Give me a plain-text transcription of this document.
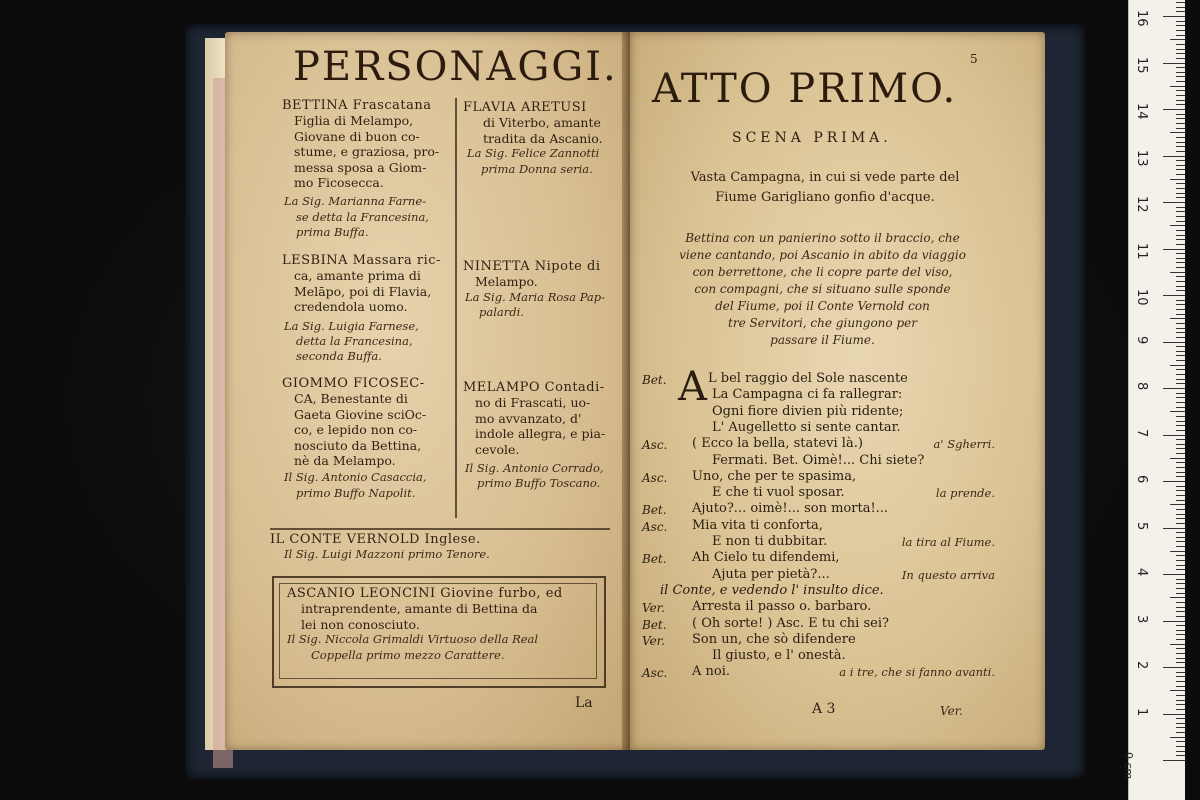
PERSONAGGI.
BETTINA Frascatana
Figlia di Melampo,
Giovane di buon co-
stume, e graziosa, pro-
messa sposa a Giom-
mo Ficosecca.
La Sig. Marianna Farne-
se detta la Francesina,
prima Buffa.
LESBINA Massara ric-
ca, amante prima di
Melāpo, poi di Flavia,
credendola uomo.
La Sig. Luigia Farnese,
detta la Francesina,
seconda Buffa.
GIOMMO FICOSEC-
CA, Benestante di
Gaeta Giovine sciOc-
co, e lepido non co-
nosciuto da Bettina,
nè da Melampo.
Il Sig. Antonio Casaccia,
primo Buffo Napolit.
FLAVIA ARETUSI
di Viterbo, amante
tradita da Ascanio.
La Sig. Felice Zannotti
prima Donna seria.
NINETTA Nipote di
Melampo.
La Sig. Maria Rosa Pap-
palardi.
MELAMPO Contadi-
no di Frascati, uo-
mo avvanzato, d'
indole allegra, e pia-
cevole.
Il Sig. Antonio Corrado,
primo Buffo Toscano.
IL CONTE VERNOLD Inglese.
Il Sig. Luigi Mazzoni primo Tenore.
ASCANIO LEONCINI Giovine furbo, ed
intraprendente, amante di Bettina da
lei non conosciuto.
Il Sig. Niccola Grimaldi Virtuoso della Real
Coppella primo mezzo Carattere.
La
5
ATTO PRIMO.
SCENA PRIMA.
Vasta Campagna, in cui si vede parte del
Fiume Garigliano gonfio d'acque.
Bettina con un panierino sotto il braccio, che
viene cantando, poi Ascanio in abito da viaggio
con berrettone, che li copre parte del viso,
con compagni, che si situano sulle sponde
del Fiume, poi il Conte Vernold con
tre Servitori, che giungono per
passare il Fiume.
Bet. A L bel raggio del Sole nascente
La Campagna ci fa rallegrar:
Ogni fiore divien più ridente;
L' Augelletto si sente cantar.
Asc. ( Ecco la bella, statevi là.)	a' Sgherri.
Fermati. Bet. Oimè!... Chi siete?
Asc. Uno, che per te spasima,
E che ti vuol sposar.	la prende.
Bet. Ajuto?... oimè!... son morta!...
Asc. Mia vita ti conforta,
E non ti dubbitar.	la tira al Fiume.
Bet. Ah Cielo tu difendemi,
Ajuta per pietà?...	In questo arriva
il Conte, e vedendo l' insulto dice.
Ver. Arresta il passo o. barbaro.
Bet. ( Oh sorte! ) Asc. E tu chi sei?
Ver. Son un, che sò difendere
Il giusto, e l' onestà.
Asc. A noi.	a i tre, che si fanno avanti.
A 3	Ver.
0 cm
16
15
14
13
12
11
10
9
8
7
6
5
4
3
2
1
